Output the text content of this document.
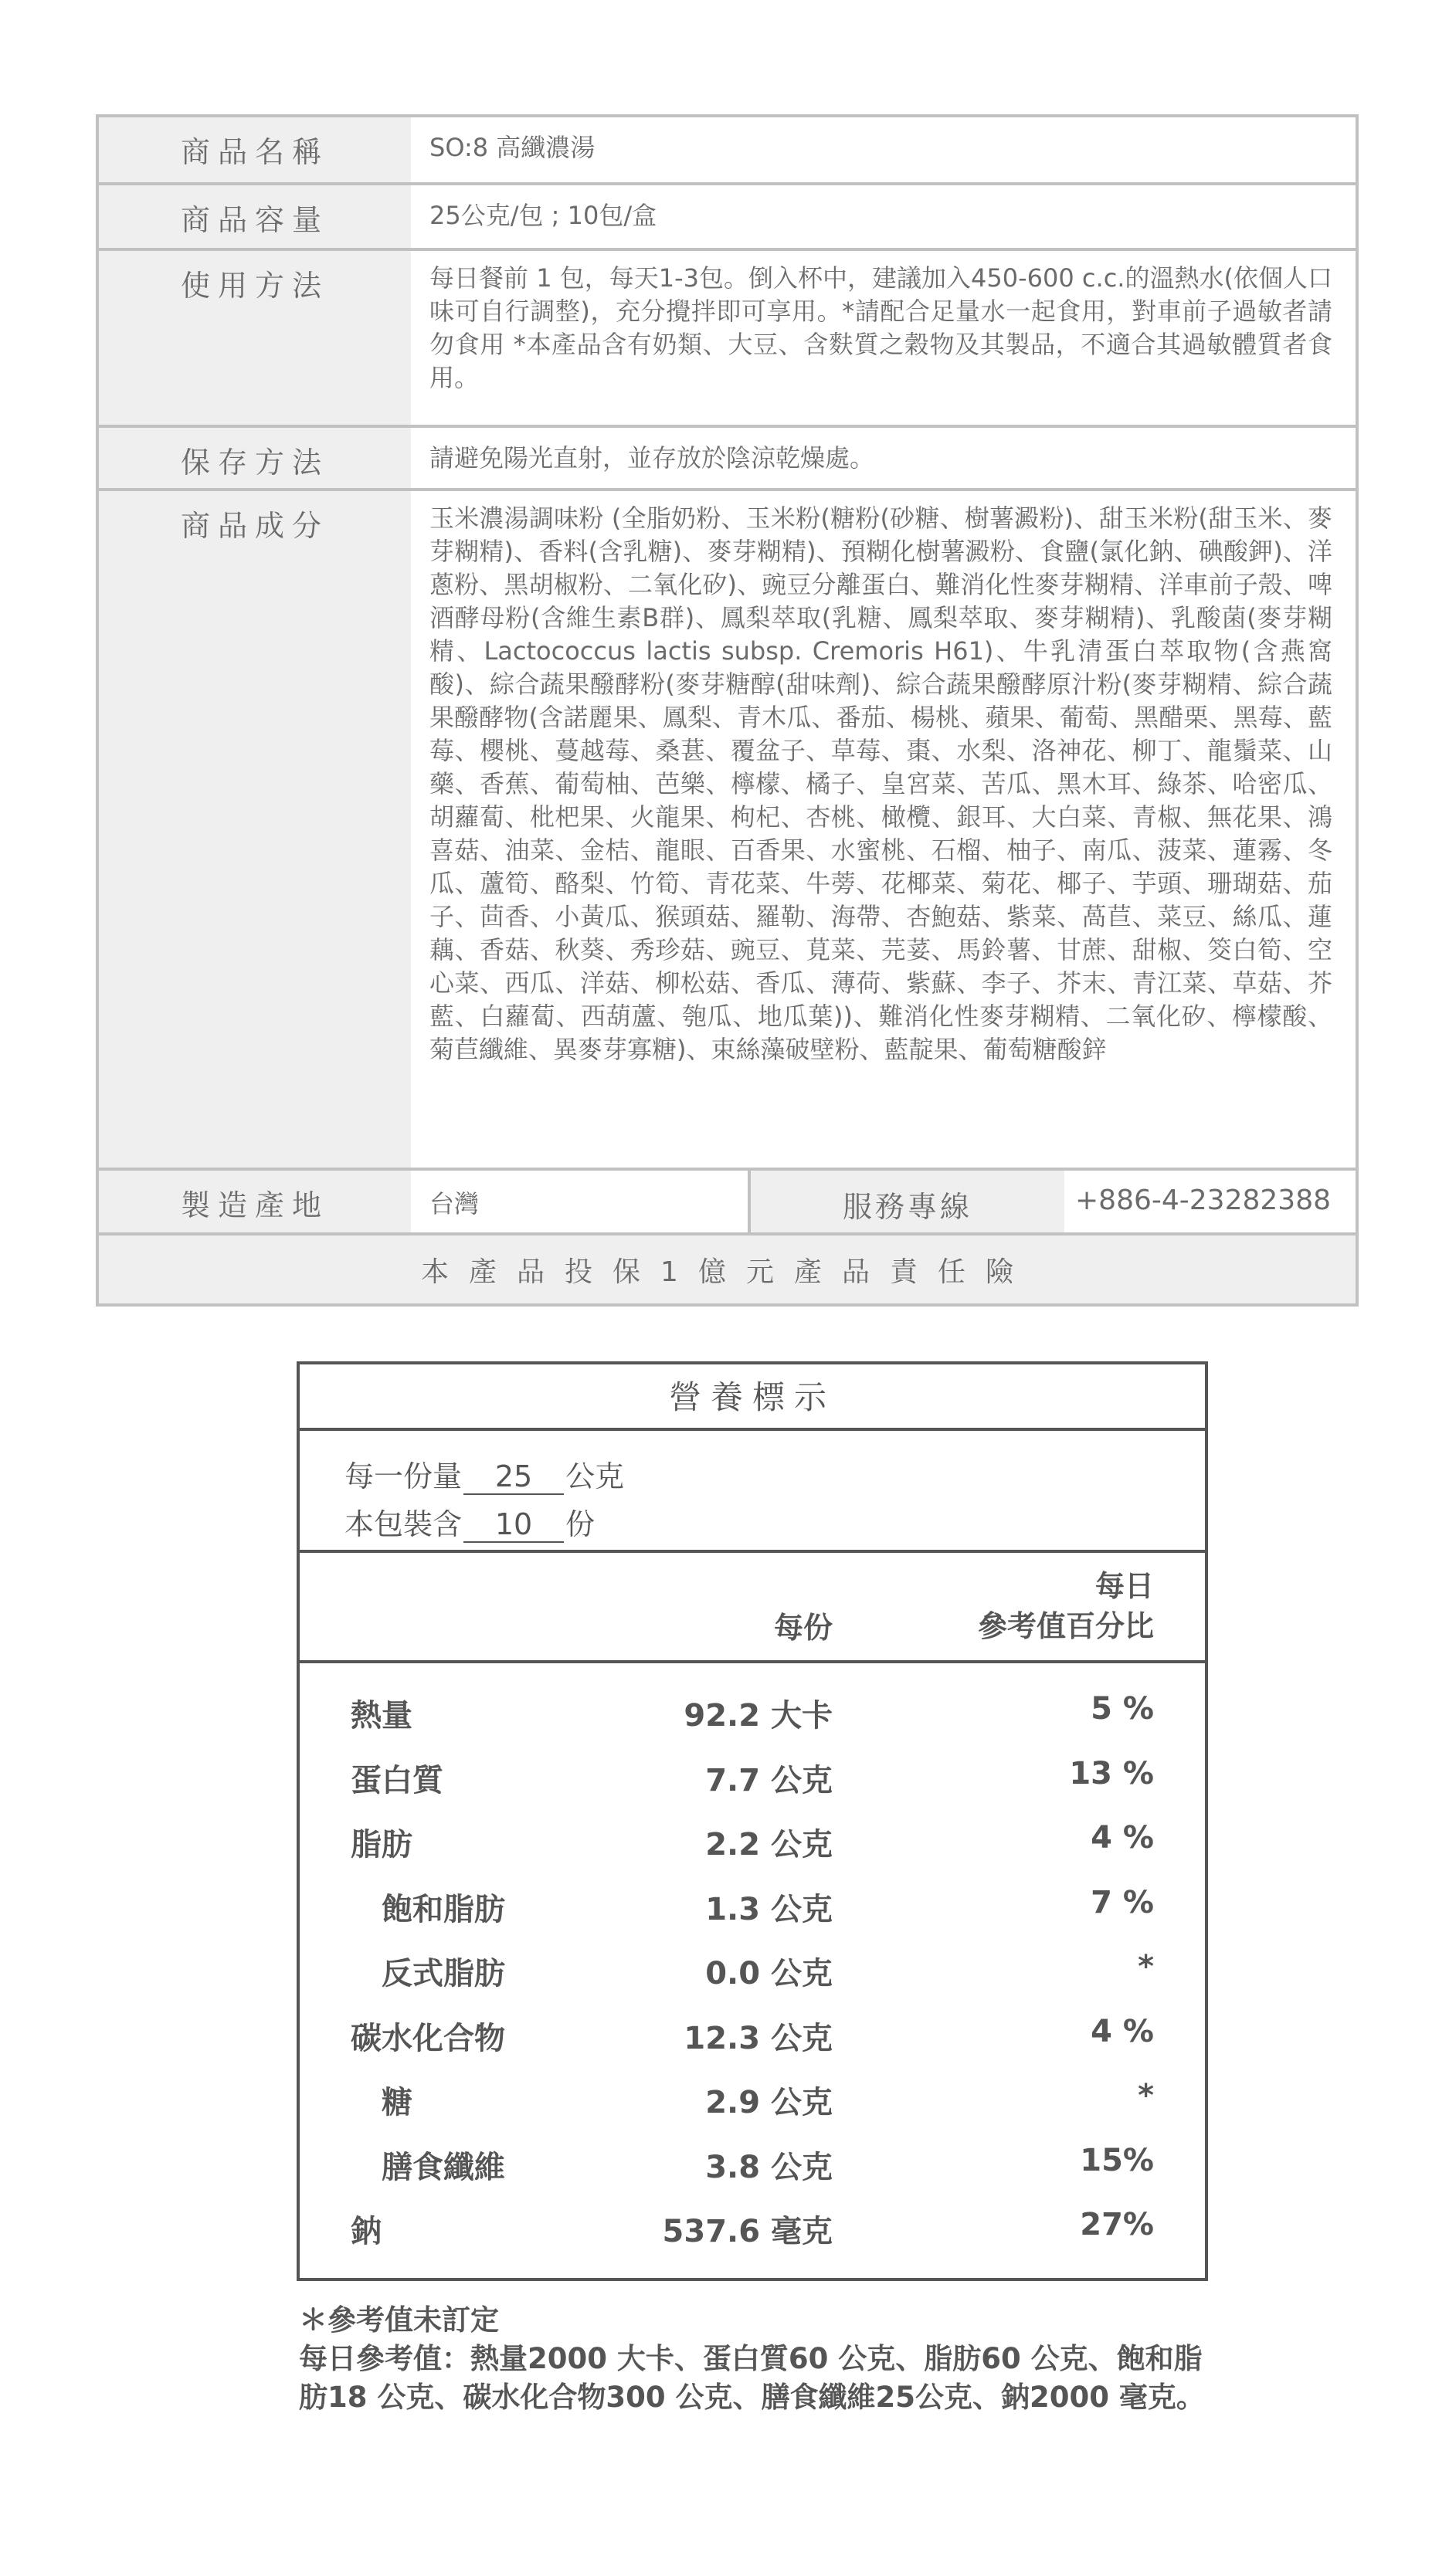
商品名稱	SO:8 高纖濃湯
商品容量	25公克/包 ; 10包/盒
使用方法	每日餐前 1 包，每天1-3包。倒入杯中，建議加入450-600 c.c.的溫熱水(依個人口味可自行調整)，充分攪拌即可享用。*請配合足量水一起食用，對車前子過敏者請勿食用 *本產品含有奶類、大豆、含麩質之穀物及其製品，不適合其過敏體質者食用。
保存方法	請避免陽光直射，並存放於陰涼乾燥處。
商品成分	玉米濃湯調味粉 (全脂奶粉、玉米粉(糖粉(砂糖、樹薯澱粉)、甜玉米粉(甜玉米、麥芽糊精)、香料(含乳糖)、麥芽糊精)、預糊化樹薯澱粉、食鹽(氯化鈉、碘酸鉀)、洋蔥粉、黑胡椒粉、二氧化矽)、豌豆分離蛋白、難消化性麥芽糊精、洋車前子殼、啤酒酵母粉(含維生素B群)、鳳梨萃取(乳糖、鳳梨萃取、麥芽糊精)、乳酸菌(麥芽糊精、Lactococcus lactis subsp. Cremoris H61)、牛乳清蛋白萃取物(含燕窩酸)、綜合蔬果醱酵粉(麥芽糖醇(甜味劑)、綜合蔬果醱酵原汁粉(麥芽糊精、綜合蔬果醱酵物(含諾麗果、鳳梨、青木瓜、番茄、楊桃、蘋果、葡萄、黑醋栗、黑莓、藍莓、櫻桃、蔓越莓、桑葚、覆盆子、草莓、棗、水梨、洛神花、柳丁、龍鬚菜、山藥、香蕉、葡萄柚、芭樂、檸檬、橘子、皇宮菜、苦瓜、黑木耳、綠茶、哈密瓜、胡蘿蔔、枇杷果、火龍果、枸杞、杏桃、橄欖、銀耳、大白菜、青椒、無花果、鴻喜菇、油菜、金桔、龍眼、百香果、水蜜桃、石榴、柚子、南瓜、菠菜、蓮霧、冬瓜、蘆筍、酪梨、竹筍、青花菜、牛蒡、花椰菜、菊花、椰子、芋頭、珊瑚菇、茄子、茴香、小黃瓜、猴頭菇、羅勒、海帶、杏鮑菇、紫菜、萵苣、菜豆、絲瓜、蓮藕、香菇、秋葵、秀珍菇、豌豆、莧菜、芫荽、馬鈴薯、甘蔗、甜椒、筊白筍、空心菜、西瓜、洋菇、柳松菇、香瓜、薄荷、紫蘇、李子、芥末、青江菜、草菇、芥藍、白蘿蔔、西葫蘆、匏瓜、地瓜葉))、難消化性麥芽糊精、二氧化矽、檸檬酸、菊苣纖維、異麥芽寡糖)、束絲藻破壁粉、藍靛果、葡萄糖酸鋅
製造產地	台灣	服務專線	+886-4-23282388
本產品投保1億元產品責任險
營養標示
每一份量	25	公克
本包裝含	10	份
每份
每日
參考值百分比
熱量	92.2 大卡	5 %
蛋白質	7.7 公克	13 %
脂肪	2.2 公克	4 %
飽和脂肪	1.3 公克	7 %
反式脂肪	0.0 公克	*
碳水化合物	12.3 公克	4 %
糖	2.9 公克	*
膳食纖維	3.8 公克	15%
鈉	537.6 毫克	27%
＊參考值未訂定
每日參考值：熱量2000 大卡、蛋白質60 公克、脂肪60 公克、飽和脂肪18 公克、碳水化合物300 公克、膳食纖維25公克、鈉2000 毫克。
